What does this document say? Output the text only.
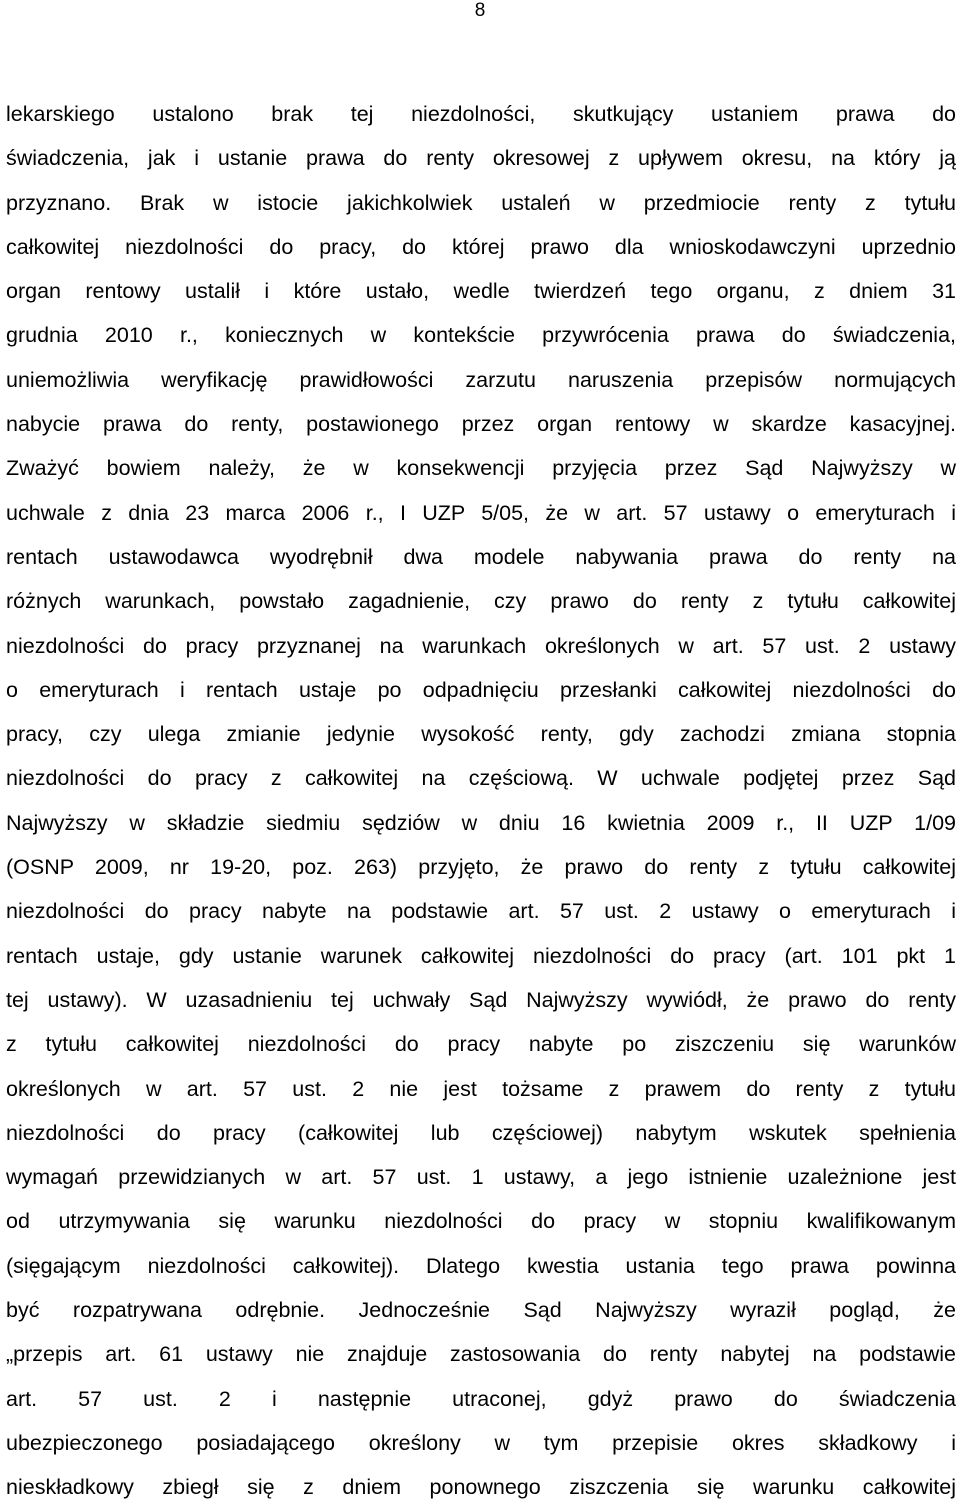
8
lekarskiego ustalono brak tej niezdolności, skutkujący ustaniem prawa do
świadczenia, jak i ustanie prawa do renty okresowej z upływem okresu, na który ją
przyznano. Brak w istocie jakichkolwiek ustaleń w przedmiocie renty z tytułu
całkowitej niezdolności do pracy, do której prawo dla wnioskodawczyni uprzednio
organ rentowy ustalił i które ustało, wedle twierdzeń tego organu, z dniem 31
grudnia 2010 r., koniecznych w kontekście przywrócenia prawa do świadczenia,
uniemożliwia weryfikację prawidłowości zarzutu naruszenia przepisów normujących
nabycie prawa do renty, postawionego przez organ rentowy w skardze kasacyjnej.
Zważyć bowiem należy, że w konsekwencji przyjęcia przez Sąd Najwyższy w
uchwale z dnia 23 marca 2006 r., I UZP 5/05, że w art. 57 ustawy o emeryturach i
rentach ustawodawca wyodrębnił dwa modele nabywania prawa do renty na
różnych warunkach, powstało zagadnienie, czy prawo do renty z tytułu całkowitej
niezdolności do pracy przyznanej na warunkach określonych w art. 57 ust. 2 ustawy
o emeryturach i rentach ustaje po odpadnięciu przesłanki całkowitej niezdolności do
pracy, czy ulega zmianie jedynie wysokość renty, gdy zachodzi zmiana stopnia
niezdolności do pracy z całkowitej na częściową. W uchwale podjętej przez Sąd
Najwyższy w składzie siedmiu sędziów w dniu 16 kwietnia 2009 r., II UZP 1/09
(OSNP 2009, nr 19-20, poz. 263) przyjęto, że prawo do renty z tytułu całkowitej
niezdolności do pracy nabyte na podstawie art. 57 ust. 2 ustawy o emeryturach i
rentach ustaje, gdy ustanie warunek całkowitej niezdolności do pracy (art. 101 pkt 1
tej ustawy). W uzasadnieniu tej uchwały Sąd Najwyższy wywiódł, że prawo do renty
z tytułu całkowitej niezdolności do pracy nabyte po ziszczeniu się warunków
określonych w art. 57 ust. 2 nie jest tożsame z prawem do renty z tytułu
niezdolności do pracy (całkowitej lub częściowej) nabytym wskutek spełnienia
wymagań przewidzianych w art. 57 ust. 1 ustawy, a jego istnienie uzależnione jest
od utrzymywania się warunku niezdolności do pracy w stopniu kwalifikowanym
(sięgającym niezdolności całkowitej). Dlatego kwestia ustania tego prawa powinna
być rozpatrywana odrębnie. Jednocześnie Sąd Najwyższy wyraził pogląd, że
„przepis art. 61 ustawy nie znajduje zastosowania do renty nabytej na podstawie
art. 57 ust. 2 i następnie utraconej, gdyż prawo do świadczenia
ubezpieczonego posiadającego określony w tym przepisie okres składkowy i
nieskładkowy zbiegł się z dniem ponownego ziszczenia się warunku całkowitej
